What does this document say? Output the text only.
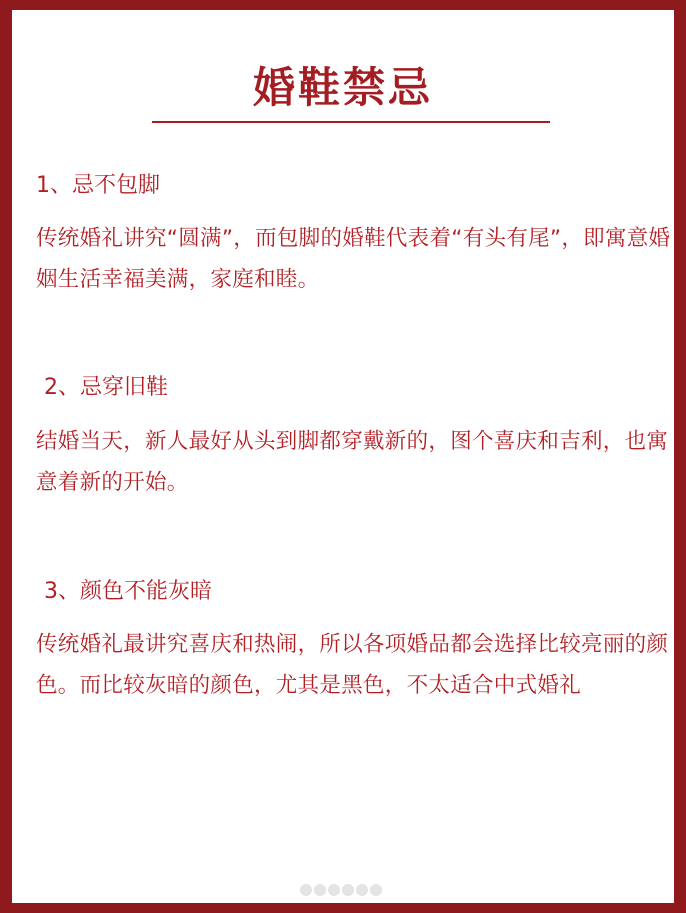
婚鞋禁忌
1、忌不包脚
传统婚礼讲究“圆满”，而包脚的婚鞋代表着“有头有尾”，即寓意婚姻生活幸福美满，家庭和睦。
2、忌穿旧鞋
结婚当天，新人最好从头到脚都穿戴新的，图个喜庆和吉利，也寓意着新的开始。
3、颜色不能灰暗
传统婚礼最讲究喜庆和热闹，所以各项婚品都会选择比较亮丽的颜色。而比较灰暗的颜色，尤其是黑色，不太适合中式婚礼
